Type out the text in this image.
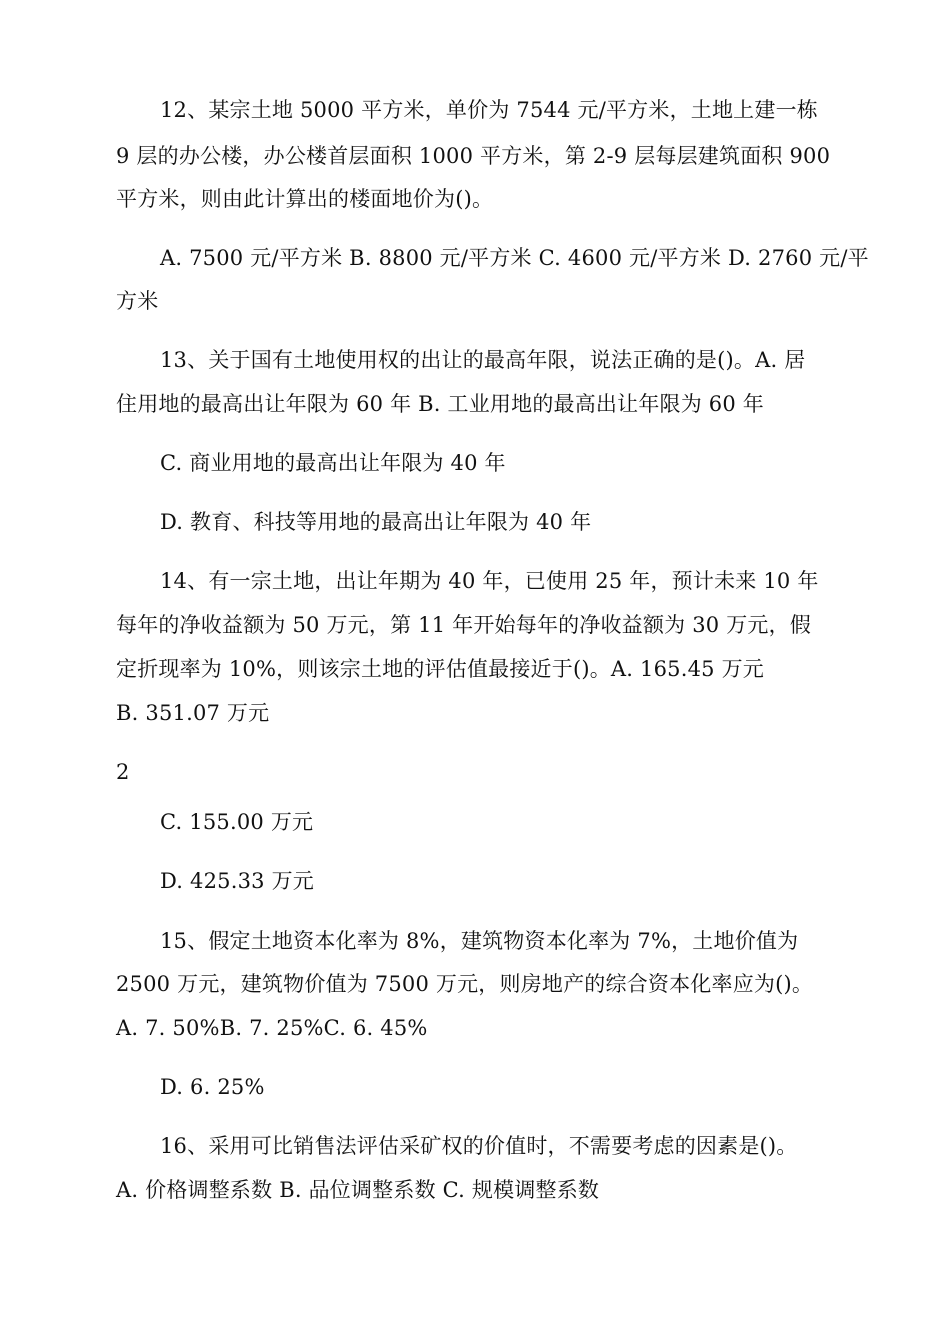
12、某宗土地 5000 平方米，单价为 7544 元/平方米，土地上建一栋
9 层的办公楼，办公楼首层面积 1000 平方米，第 2-9 层每层建筑面积 900
平方米，则由此计算出的楼面地价为()。
A. 7500 元/平方米 B. 8800 元/平方米 C. 4600 元/平方米 D. 2760 元/平
方米
13、关于国有土地使用权的出让的最高年限，说法正确的是()。A. 居
住用地的最高出让年限为 60 年 B. 工业用地的最高出让年限为 60 年
C. 商业用地的最高出让年限为 40 年
D. 教育、科技等用地的最高出让年限为 40 年
14、有一宗土地，出让年期为 40 年，已使用 25 年，预计未来 10 年
每年的净收益额为 50 万元，第 11 年开始每年的净收益额为 30 万元，假
定折现率为 10%，则该宗土地的评估值最接近于()。A. 165.45 万元
B. 351.07 万元
2
C. 155.00 万元
D. 425.33 万元
15、假定土地资本化率为 8%，建筑物资本化率为 7%，土地价值为
2500 万元，建筑物价值为 7500 万元，则房地产的综合资本化率应为()。
A. 7. 50%B. 7. 25%C. 6. 45%
D. 6. 25%
16、采用可比销售法评估采矿权的价值时，不需要考虑的因素是()。
A. 价格调整系数 B. 品位调整系数 C. 规模调整系数
